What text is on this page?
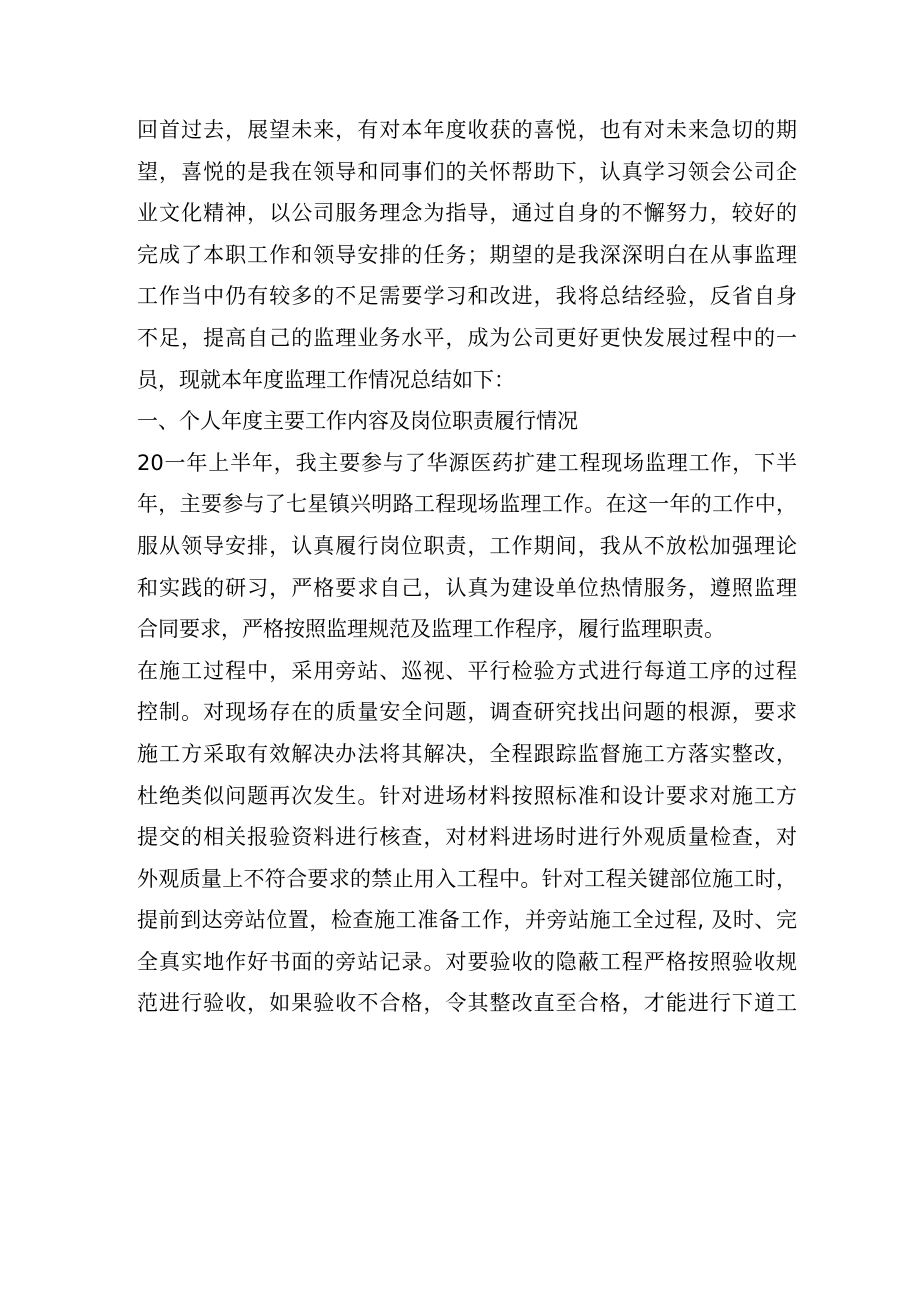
回首过去，展望未来，有对本年度收获的喜悦，也有对未来急切的期
望，喜悦的是我在领导和同事们的关怀帮助下，认真学习领会公司企
业文化精神，以公司服务理念为指导，通过自身的不懈努力，较好的
完成了本职工作和领导安排的任务；期望的是我深深明白在从事监理
工作当中仍有较多的不足需要学习和改进，我将总结经验，反省自身
不足，提高自己的监理业务水平，成为公司更好更快发展过程中的一
员，现就本年度监理工作情况总结如下：
一、个人年度主要工作内容及岗位职责履行情况
20一年上半年，我主要参与了华源医药扩建工程现场监理工作，下半
年，主要参与了七星镇兴明路工程现场监理工作。在这一年的工作中，
服从领导安排，认真履行岗位职责，工作期间，我从不放松加强理论
和实践的研习，严格要求自己，认真为建设单位热情服务，遵照监理
合同要求，严格按照监理规范及监理工作程序，履行监理职责。
在施工过程中，采用旁站、巡视、平行检验方式进行每道工序的过程
控制。对现场存在的质量安全问题，调查研究找出问题的根源，要求
施工方采取有效解决办法将其解决，全程跟踪监督施工方落实整改，
杜绝类似问题再次发生。针对进场材料按照标准和设计要求对施工方
提交的相关报验资料进行核查，对材料进场时进行外观质量检查，对
外观质量上不符合要求的禁止用入工程中。针对工程关键部位施工时，
提前到达旁站位置，检查施工准备工作，并旁站施工全过程, 及时、完
全真实地作好书面的旁站记录。对要验收的隐蔽工程严格按照验收规
范进行验收，如果验收不合格，令其整改直至合格，才能进行下道工
